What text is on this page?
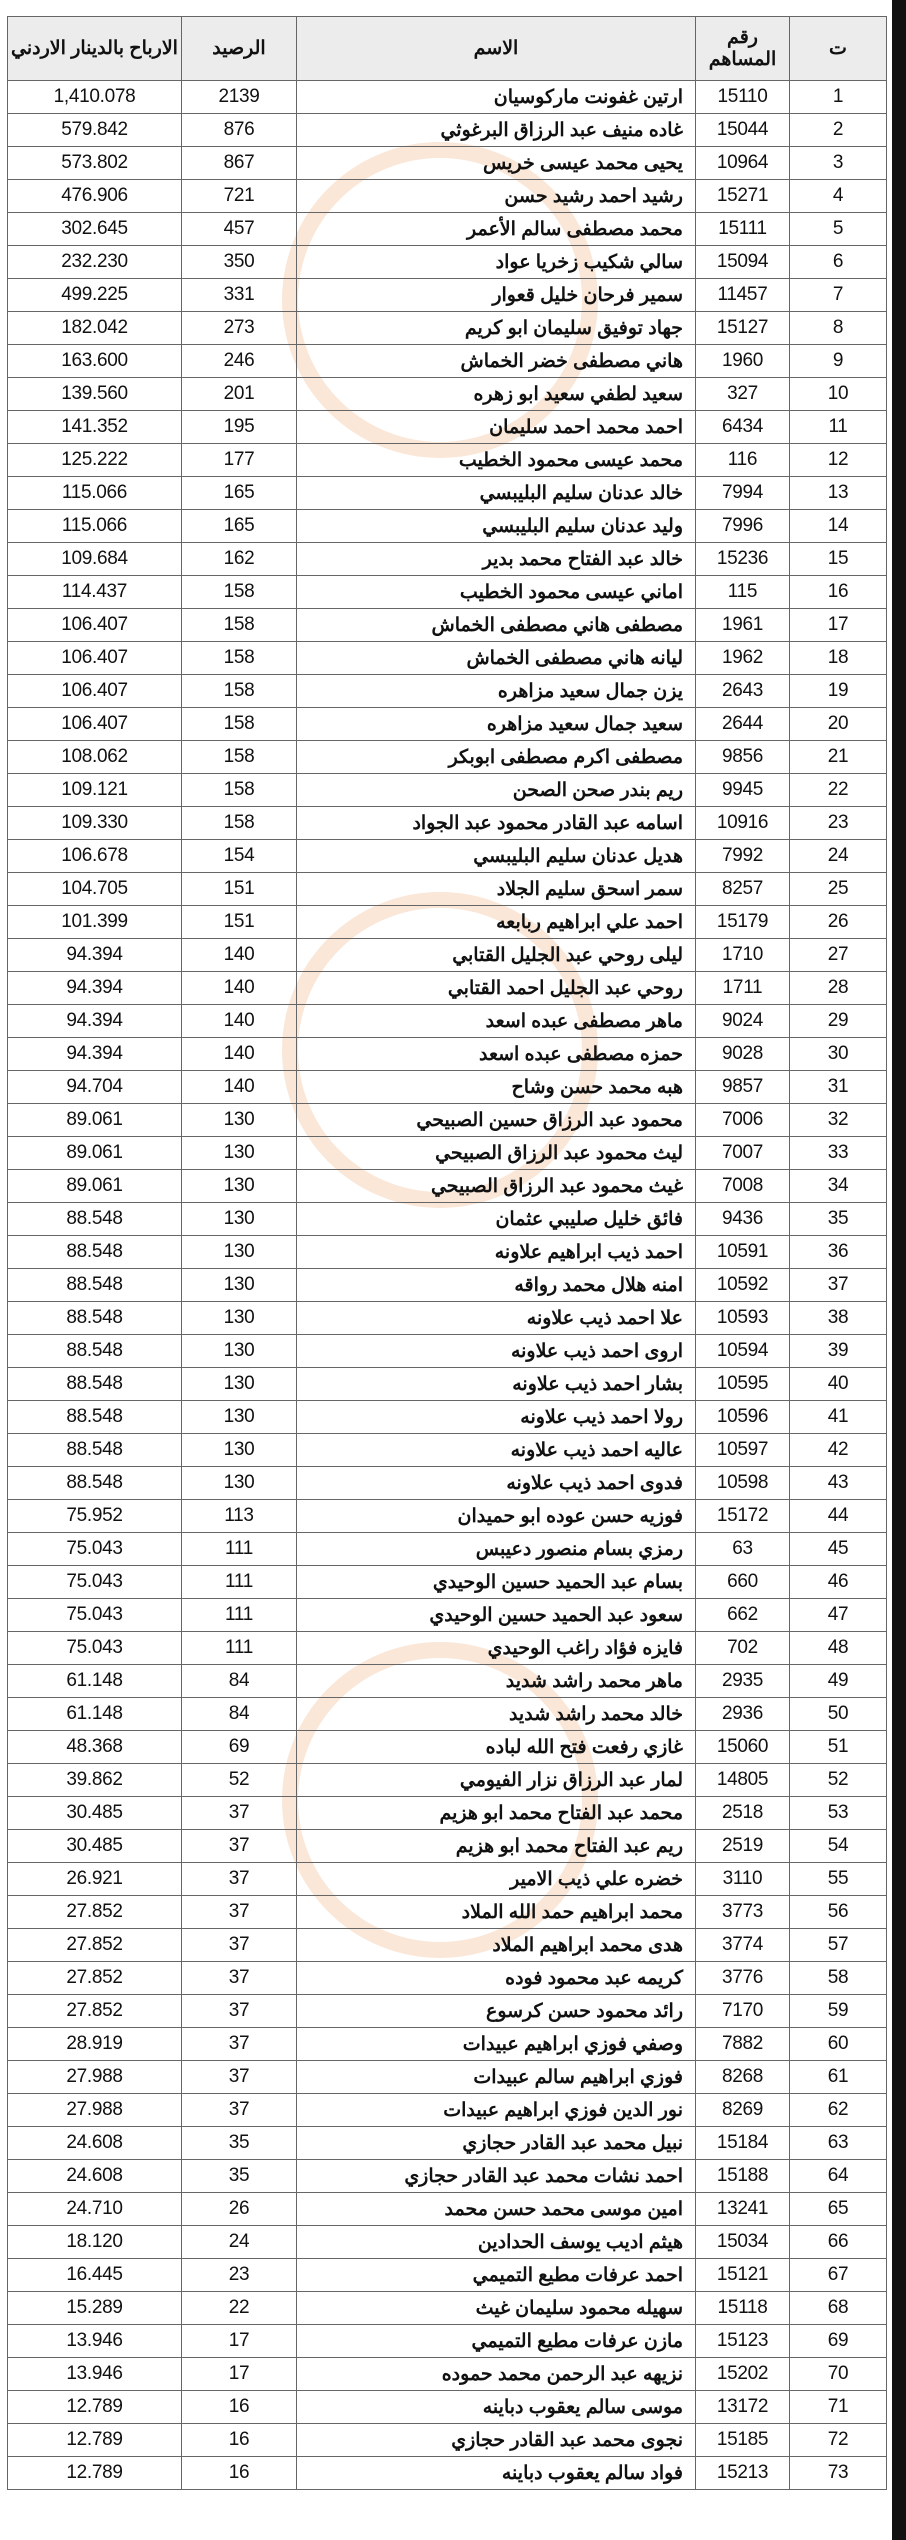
ت	رقم المساهم	الاسم	الرصيد	الارباح بالدينار الاردني
1	15110	ارتين غفونت ماركوسيان	2139	1,410.078
2	15044	غاده منيف عبد الرزاق البرغوثي	876	579.842
3	10964	يحيى محمد عيسى خريس	867	573.802
4	15271	رشيد احمد رشيد حسن	721	476.906
5	15111	محمد مصطفى سالم الأعمر	457	302.645
6	15094	سالي شكيب زخريا عواد	350	232.230
7	11457	سمير فرحان خليل قعوار	331	499.225
8	15127	جهاد توفيق سليمان ابو كريم	273	182.042
9	1960	هاني مصطفى خضر الخماش	246	163.600
10	327	سعيد لطفي سعيد ابو زهره	201	139.560
11	6434	احمد محمد احمد سليمان	195	141.352
12	116	محمد عيسى محمود الخطيب	177	125.222
13	7994	خالد عدنان سليم البليبسي	165	115.066
14	7996	وليد عدنان سليم البليبسي	165	115.066
15	15236	خالد عبد الفتاح محمد بدير	162	109.684
16	115	اماني عيسى محمود الخطيب	158	114.437
17	1961	مصطفى هاني مصطفى الخماش	158	106.407
18	1962	ليانه هاني مصطفى الخماش	158	106.407
19	2643	يزن جمال سعيد مزاهره	158	106.407
20	2644	سعيد جمال سعيد مزاهره	158	106.407
21	9856	مصطفى اكرم مصطفى ابوبكر	158	108.062
22	9945	ريم بندر صحن الصحن	158	109.121
23	10916	اسامه عبد القادر محمود عبد الجواد	158	109.330
24	7992	هديل عدنان سليم البليبسي	154	106.678
25	8257	سمر اسحق سليم الجلاد	151	104.705
26	15179	احمد علي ابراهيم ربابعه	151	101.399
27	1710	ليلى روحي عبد الجليل القتابي	140	94.394
28	1711	روحي عبد الجليل احمد القتابي	140	94.394
29	9024	ماهر مصطفى عبده اسعد	140	94.394
30	9028	حمزه مصطفى عبده اسعد	140	94.394
31	9857	هبه محمد حسن وشاح	140	94.704
32	7006	محمود عبد الرزاق حسين الصبيحي	130	89.061
33	7007	ليث محمود عبد الرزاق الصبيحي	130	89.061
34	7008	غيث محمود عبد الرزاق الصبيحي	130	89.061
35	9436	فائق خليل صليبي عثمان	130	88.548
36	10591	احمد ذيب ابراهيم علاونه	130	88.548
37	10592	امنه هلال محمد رواقه	130	88.548
38	10593	علا احمد ذيب علاونه	130	88.548
39	10594	اروى احمد ذيب علاونه	130	88.548
40	10595	بشار احمد ذيب علاونه	130	88.548
41	10596	رولا احمد ذيب علاونه	130	88.548
42	10597	عاليه احمد ذيب علاونه	130	88.548
43	10598	فدوى احمد ذيب علاونه	130	88.548
44	15172	فوزيه حسن عوده ابو حميدان	113	75.952
45	63	رمزي بسام منصور دعيبس	111	75.043
46	660	بسام عبد الحميد حسين الوحيدي	111	75.043
47	662	سعود عبد الحميد حسين الوحيدي	111	75.043
48	702	فايزه فؤاد راغب الوحيدي	111	75.043
49	2935	ماهر محمد راشد شديد	84	61.148
50	2936	خالد محمد راشد شديد	84	61.148
51	15060	غازي رفعت فتح الله لباده	69	48.368
52	14805	لمار عبد الرزاق نزار الفيومي	52	39.862
53	2518	محمد عبد الفتاح محمد ابو هزيم	37	30.485
54	2519	ريم عبد الفتاح محمد ابو هزيم	37	30.485
55	3110	خضره علي ذيب الامير	37	26.921
56	3773	محمد ابراهيم حمد الله الملاد	37	27.852
57	3774	هدى محمد ابراهيم الملاد	37	27.852
58	3776	كريمه عبد محمود فوده	37	27.852
59	7170	رائد محمود حسن كرسوع	37	27.852
60	7882	وصفي فوزي ابراهيم عبيدات	37	28.919
61	8268	فوزي ابراهيم سالم عبيدات	37	27.988
62	8269	نور الدين فوزي ابراهيم عبيدات	37	27.988
63	15184	نبيل محمد عبد القادر حجازي	35	24.608
64	15188	احمد نشات محمد عبد القادر حجازي	35	24.608
65	13241	امين موسى محمد حسن محمد	26	24.710
66	15034	هيثم اديب يوسف الحدادين	24	18.120
67	15121	احمد عرفات مطيع التميمي	23	16.445
68	15118	سهيله محمود سليمان غيث	22	15.289
69	15123	مازن عرفات مطيع التميمي	17	13.946
70	15202	نزيهه عبد الرحمن محمد حموده	17	13.946
71	13172	موسى سالم يعقوب دباينه	16	12.789
72	15185	نجوى محمد عبد القادر حجازي	16	12.789
73	15213	فواد سالم يعقوب دباينه	16	12.789
